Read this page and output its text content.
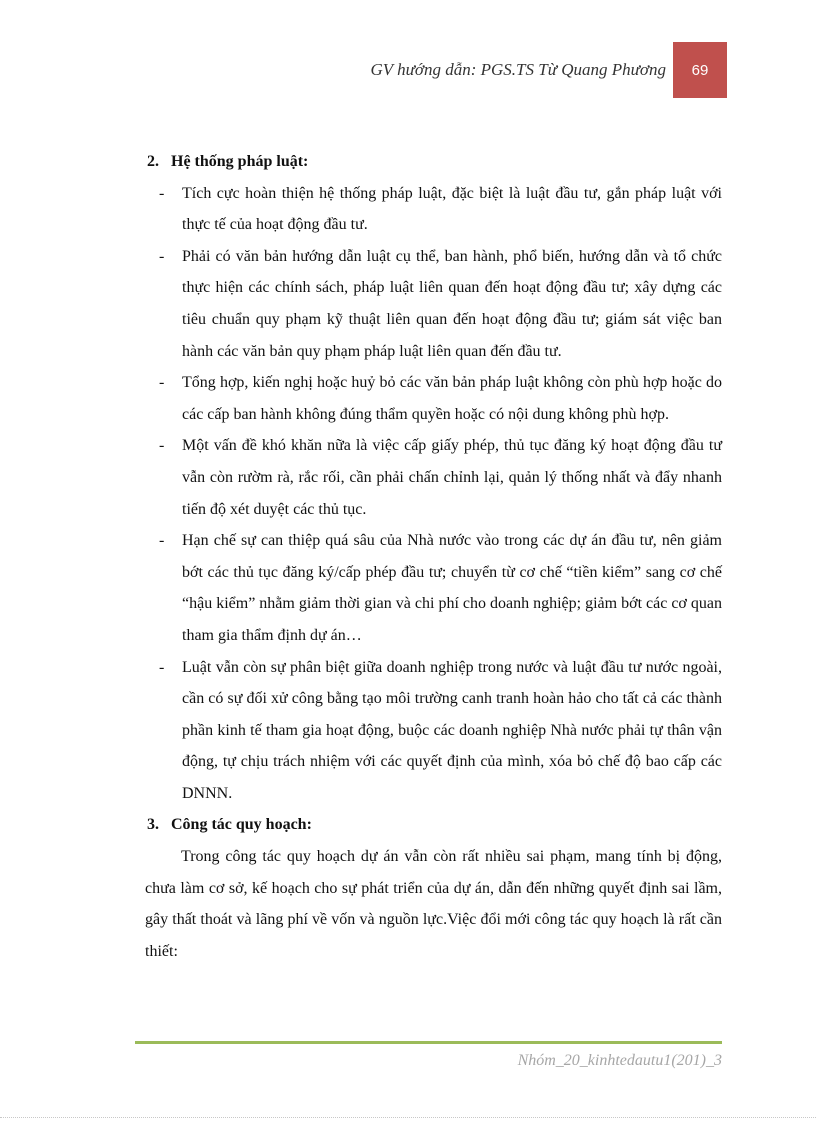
GV hướng dẫn: PGS.TS Từ Quang Phương 69

2. Hệ thống pháp luật:

- Tích cực hoàn thiện hệ thống pháp luật, đặc biệt là luật đầu tư, gắn pháp luật với thực tế của hoạt động đầu tư.
- Phải có văn bản hướng dẫn luật cụ thể, ban hành, phổ biến, hướng dẫn và tổ chức thực hiện các chính sách, pháp luật liên quan đến hoạt động đầu tư; xây dựng các tiêu chuẩn quy phạm kỹ thuật liên quan đến hoạt động đầu tư; giám sát việc ban hành các văn bản quy phạm pháp luật liên quan đến đầu tư.
- Tổng hợp, kiến nghị hoặc huỷ bỏ các văn bản pháp luật không còn phù hợp hoặc do các cấp ban hành không đúng thẩm quyền hoặc có nội dung không phù hợp.
- Một vấn đề khó khăn nữa là việc cấp giấy phép, thủ tục đăng ký hoạt động đầu tư vẫn còn rườm rà, rắc rối, cần phải chấn chỉnh lại, quản lý thống nhất và đẩy nhanh tiến độ xét duyệt các thủ tục.
- Hạn chế sự can thiệp quá sâu của Nhà nước vào trong các dự án đầu tư, nên giảm bớt các thủ tục đăng ký/cấp phép đầu tư; chuyển từ cơ chế “tiền kiểm” sang cơ chế “hậu kiểm” nhằm giảm thời gian và chi phí cho doanh nghiệp; giảm bớt các cơ quan tham gia thẩm định dự án…
- Luật vẫn còn sự phân biệt giữa doanh nghiệp trong nước và luật đầu tư nước ngoài, cần có sự đối xử công bằng tạo môi trường canh tranh hoàn hảo cho tất cả các thành phần kinh tế tham gia hoạt động, buộc các doanh nghiệp Nhà nước phải tự thân vận động, tự chịu trách nhiệm với các quyết định của mình, xóa bỏ chế độ bao cấp các DNNN.

3. Công tác quy hoạch:

Trong công tác quy hoạch dự án vẫn còn rất nhiều sai phạm, mang tính bị động, chưa làm cơ sở, kế hoạch cho sự phát triển của dự án, dẫn đến những quyết định sai lầm, gây thất thoát và lãng phí về vốn và nguồn lực.Việc đổi mới công tác quy hoạch là rất cần thiết:

Nhóm_20_kinhtedautu1(201)_3
